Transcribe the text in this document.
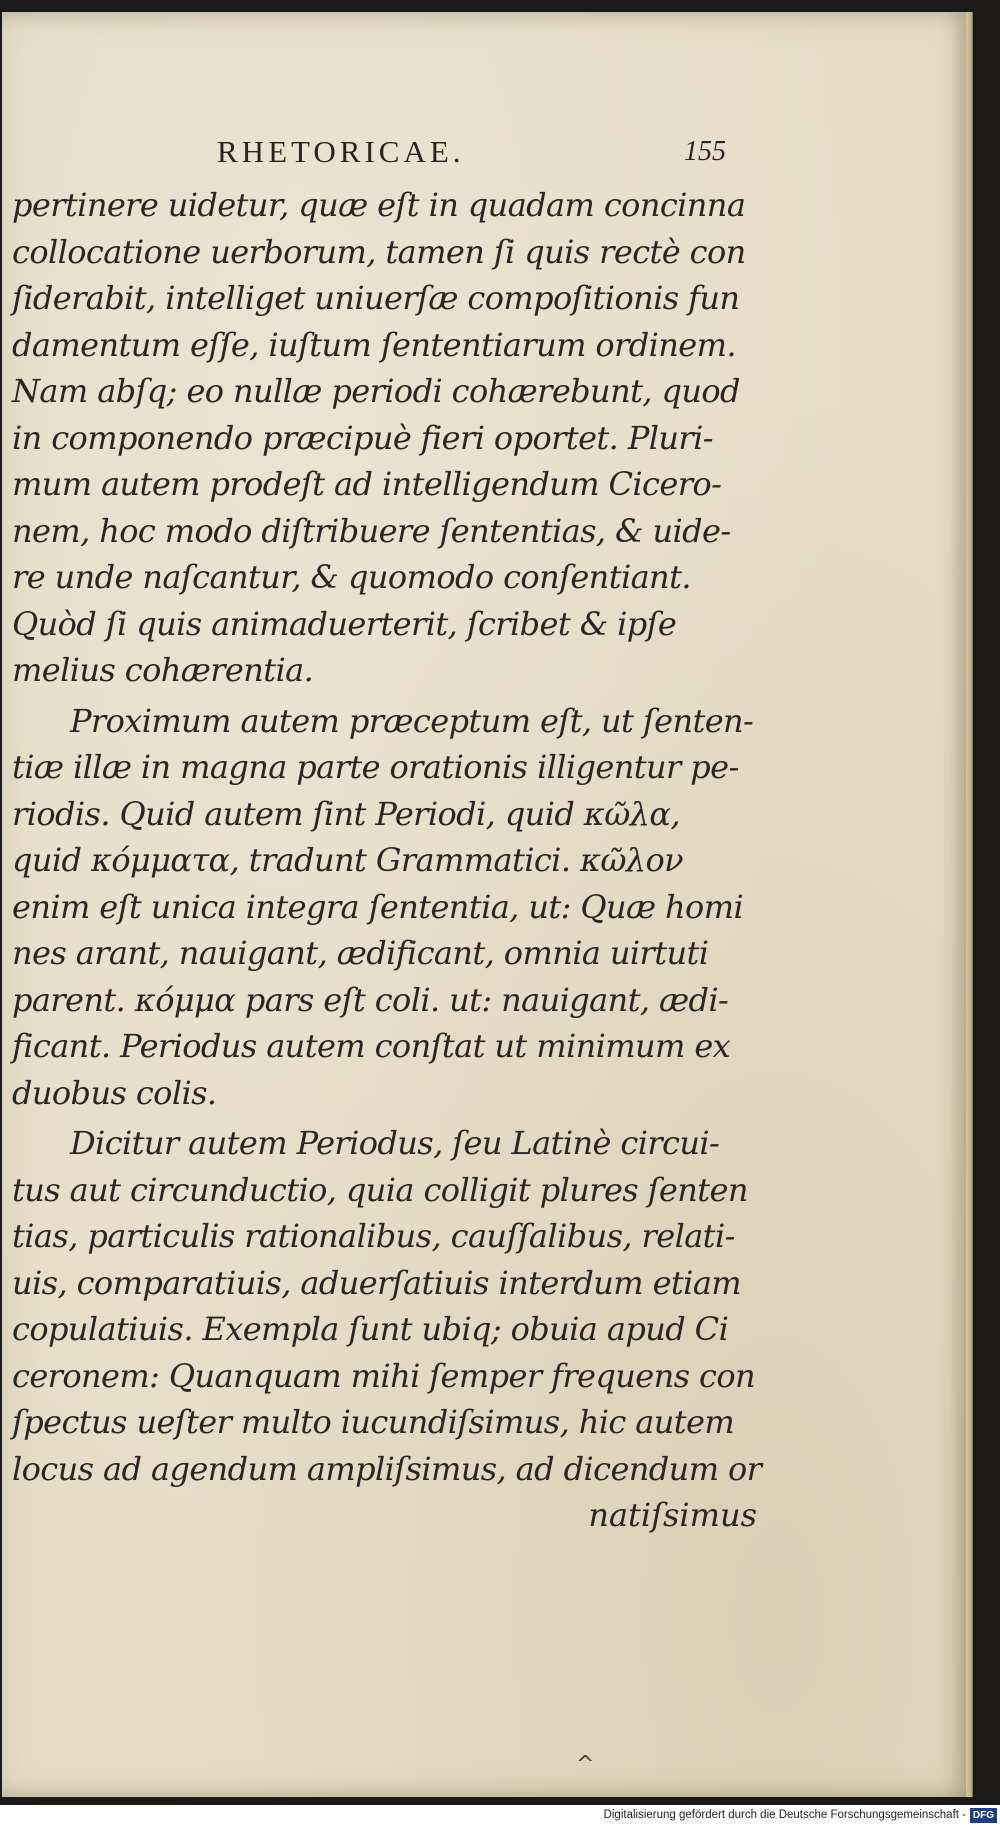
RHETORICAE.	155
pertinere uidetur, quæ eſt in quadam concinna
collocatione uerborum, tamen ſi quis rectè con
ſiderabit, intelliget uniuerſæ compoſitionis fun
damentum eſſe, iuſtum ſententiarum ordinem.
Nam abſq; eo nullæ periodi cohærebunt, quod
in componendo præcipuè fieri oportet. Pluri-
mum autem prodeſt ad intelligendum Cicero-
nem, hoc modo diſtribuere ſententias, & uide-
re unde naſcantur, & quomodo conſentiant.
Quòd ſi quis animaduerterit, ſcribet & ipſe
melius cohærentia.
Proximum autem præceptum eſt, ut ſenten-
tiæ illæ in magna parte orationis illigentur pe-
riodis. Quid autem ſint Periodi, quid κῶλα,
quid κόμματα, tradunt Grammatici. κῶλον
enim eſt unica integra ſententia, ut: Quæ homi
nes arant, nauigant, ædificant, omnia uirtuti
parent. κόμμα pars eſt coli. ut: nauigant, ædi-
ficant. Periodus autem conſtat ut minimum ex
duobus colis.
Dicitur autem Periodus, ſeu Latinè circui-
tus aut circunductio, quia colligit plures ſenten
tias, particulis rationalibus, cauſſalibus, relati-
uis, comparatiuis, aduerſatiuis interdum etiam
copulatiuis. Exempla ſunt ubiq; obuia apud Ci
ceronem: Quanquam mihi ſemper frequens con
ſpectus ueſter multo iucundiſsimus, hic autem
locus ad agendum ampliſsimus, ad dicendum or
natiſsimus
^
Digitalisierung gefördert durch die Deutsche Forschungsgemeinschaft - DFG
